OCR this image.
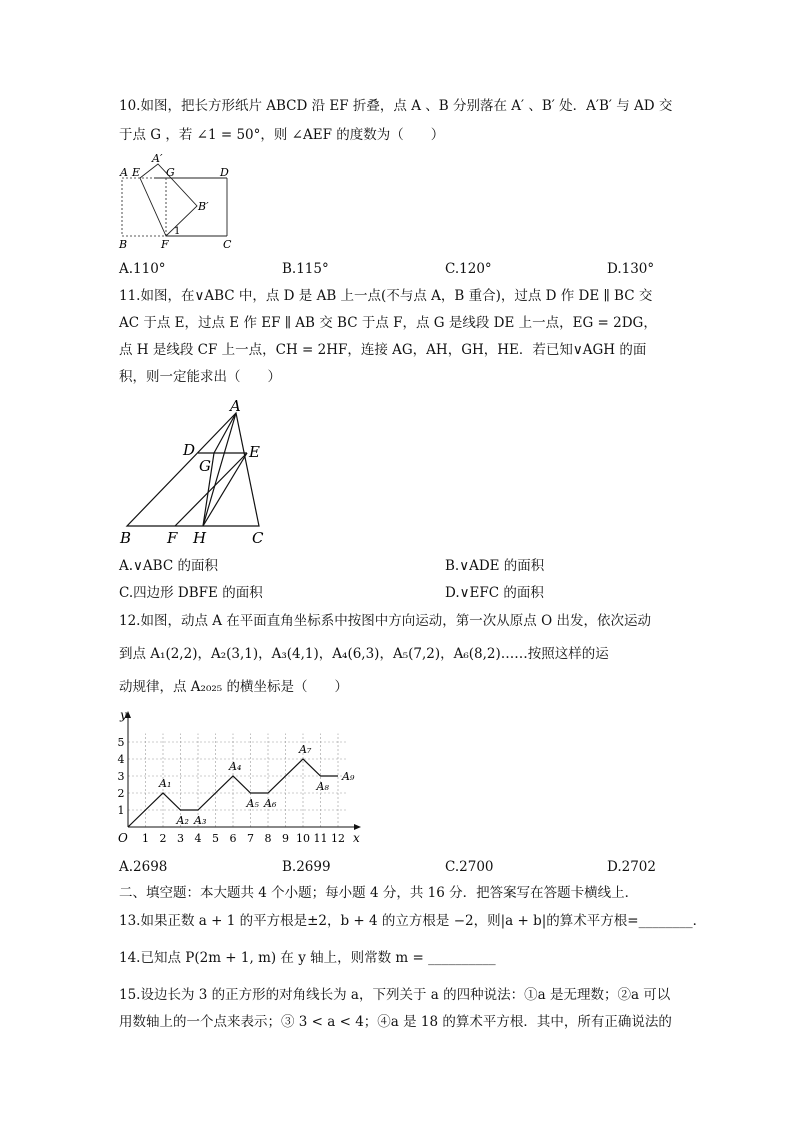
10.如图，把长方形纸片 ABCD 沿 EF 折叠，点 A 、B 分别落在 A′ 、B′ 处．A′B′ 与 AD 交
于点 G ，若 ∠1 = 50°，则 ∠AEF 的度数为（　　）
A E
A′
G	D
B′
1
B	F	C
A.110°	B.115°	C.120°	D.130°
11.如图，在∨ABC 中，点 D 是 AB 上一点(不与点 A，B 重合)，过点 D 作 DE ∥ BC 交
AC 于点 E，过点 E 作 EF ∥ AB 交 BC 于点 F，点 G 是线段 DE 上一点，EG = 2DG，
点 H 是线段 CF 上一点，CH = 2HF，连接 AG，AH，GH，HE．若已知∨AGH 的面
积，则一定能求出（　　）
A
D	E
G
B F H	C
A.∨ABC 的面积	B.∨ADE 的面积
C.四边形 DBFE 的面积	D.∨EFC 的面积
12.如图，动点 A 在平面直角坐标系中按图中方向运动，第一次从原点 O 出发，依次运动
到点 A₁(2,2)，A₂(3,1)，A₃(4,1)，A₄(6,3)，A₅(7,2)，A₆(8,2)……按照这样的运
动规律，点 A₂₀₂₅ 的横坐标是（　　）
y
x
O 1 2 3 4 5 6 7 8 9 10 11 12
1
2
3
4
5
A₁
A₂ A₃
A₄
A₅ A₆
A₇
A₈
A₉
A.2698	B.2699	C.2700	D.2702
二、填空题：本大题共 4 个小题；每小题 4 分，共 16 分．把答案写在答题卡横线上．
13.如果正数 a + 1 的平方根是±2，b + 4 的立方根是 −2，则|a + b|的算术平方根=________．
14.已知点 P(2m + 1, m) 在 y 轴上，则常数 m = __________
15.设边长为 3 的正方形的对角线长为 a，下列关于 a 的四种说法：①a 是无理数；②a 可以
用数轴上的一个点来表示；③ 3 < a < 4；④a 是 18 的算术平方根．其中，所有正确说法的
